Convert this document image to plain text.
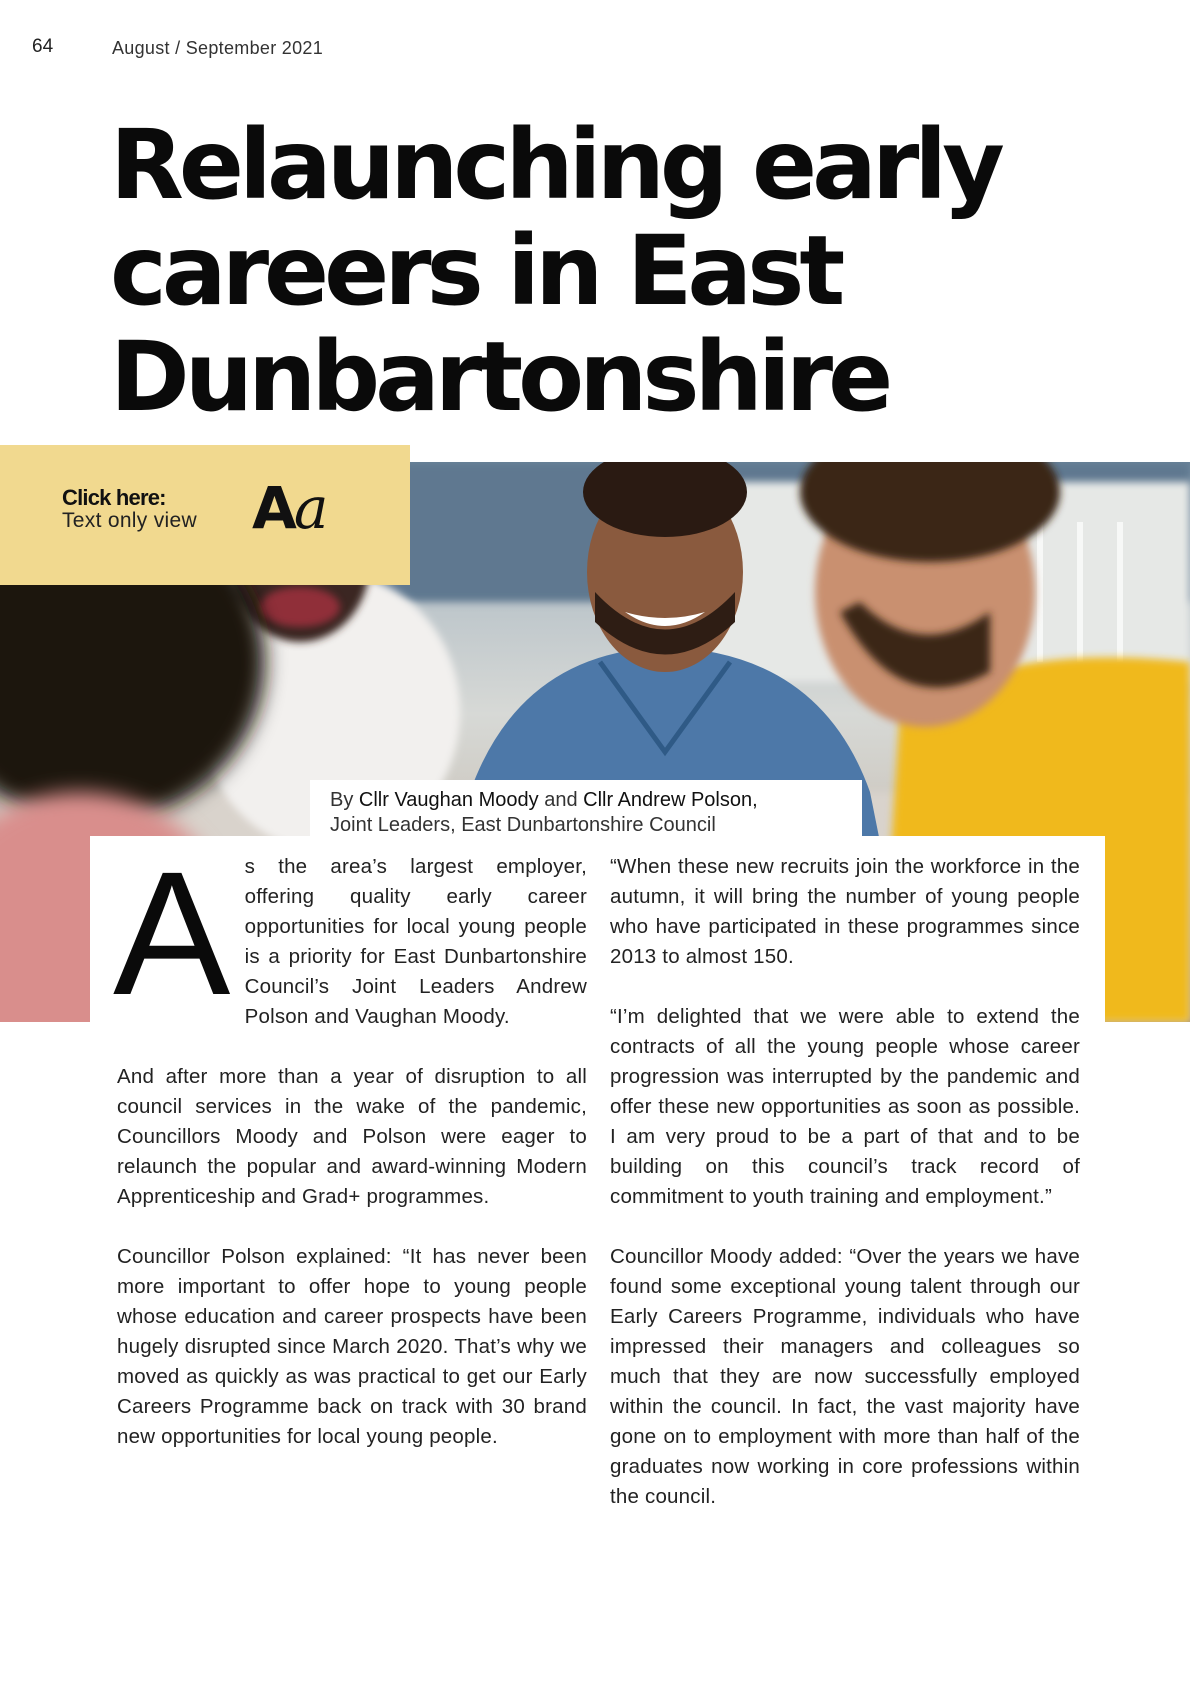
64	August / September 2021
Relaunching early careers in East Dunbartonshire
Click here:
Text only view Aa
By Cllr Vaughan Moody and Cllr Andrew Polson,
Joint Leaders, East Dunbartonshire Council

As the area’s largest employer, offering quality early career opportunities for local young people is a priority for East Dunbartonshire Council’s Joint Leaders Andrew Polson and Vaughan Moody.

And after more than a year of disruption to all council services in the wake of the pandemic, Councillors Moody and Polson were eager to relaunch the popular and award-winning Modern Apprenticeship and Grad+ programmes.

Councillor Polson explained: “It has never been more important to offer hope to young people whose education and career prospects have been hugely disrupted since March 2020. That’s why we moved as quickly as was practical to get our Early Careers Programme back on track with 30 brand new opportunities for local young people.

“When these new recruits join the workforce in the autumn, it will bring the number of young people who have participated in these programmes since 2013 to almost 150.

“I’m delighted that we were able to extend the contracts of all the young people whose career progression was interrupted by the pandemic and offer these new opportunities as soon as possible. I am very proud to be a part of that and to be building on this council’s track record of commitment to youth training and employment.”

Councillor Moody added: “Over the years we have found some exceptional young talent through our Early Careers Programme, individuals who have impressed their managers and colleagues so much that they are now successfully employed within the council. In fact, the vast majority have gone on to employment with more than half of the graduates now working in core professions within the council.
